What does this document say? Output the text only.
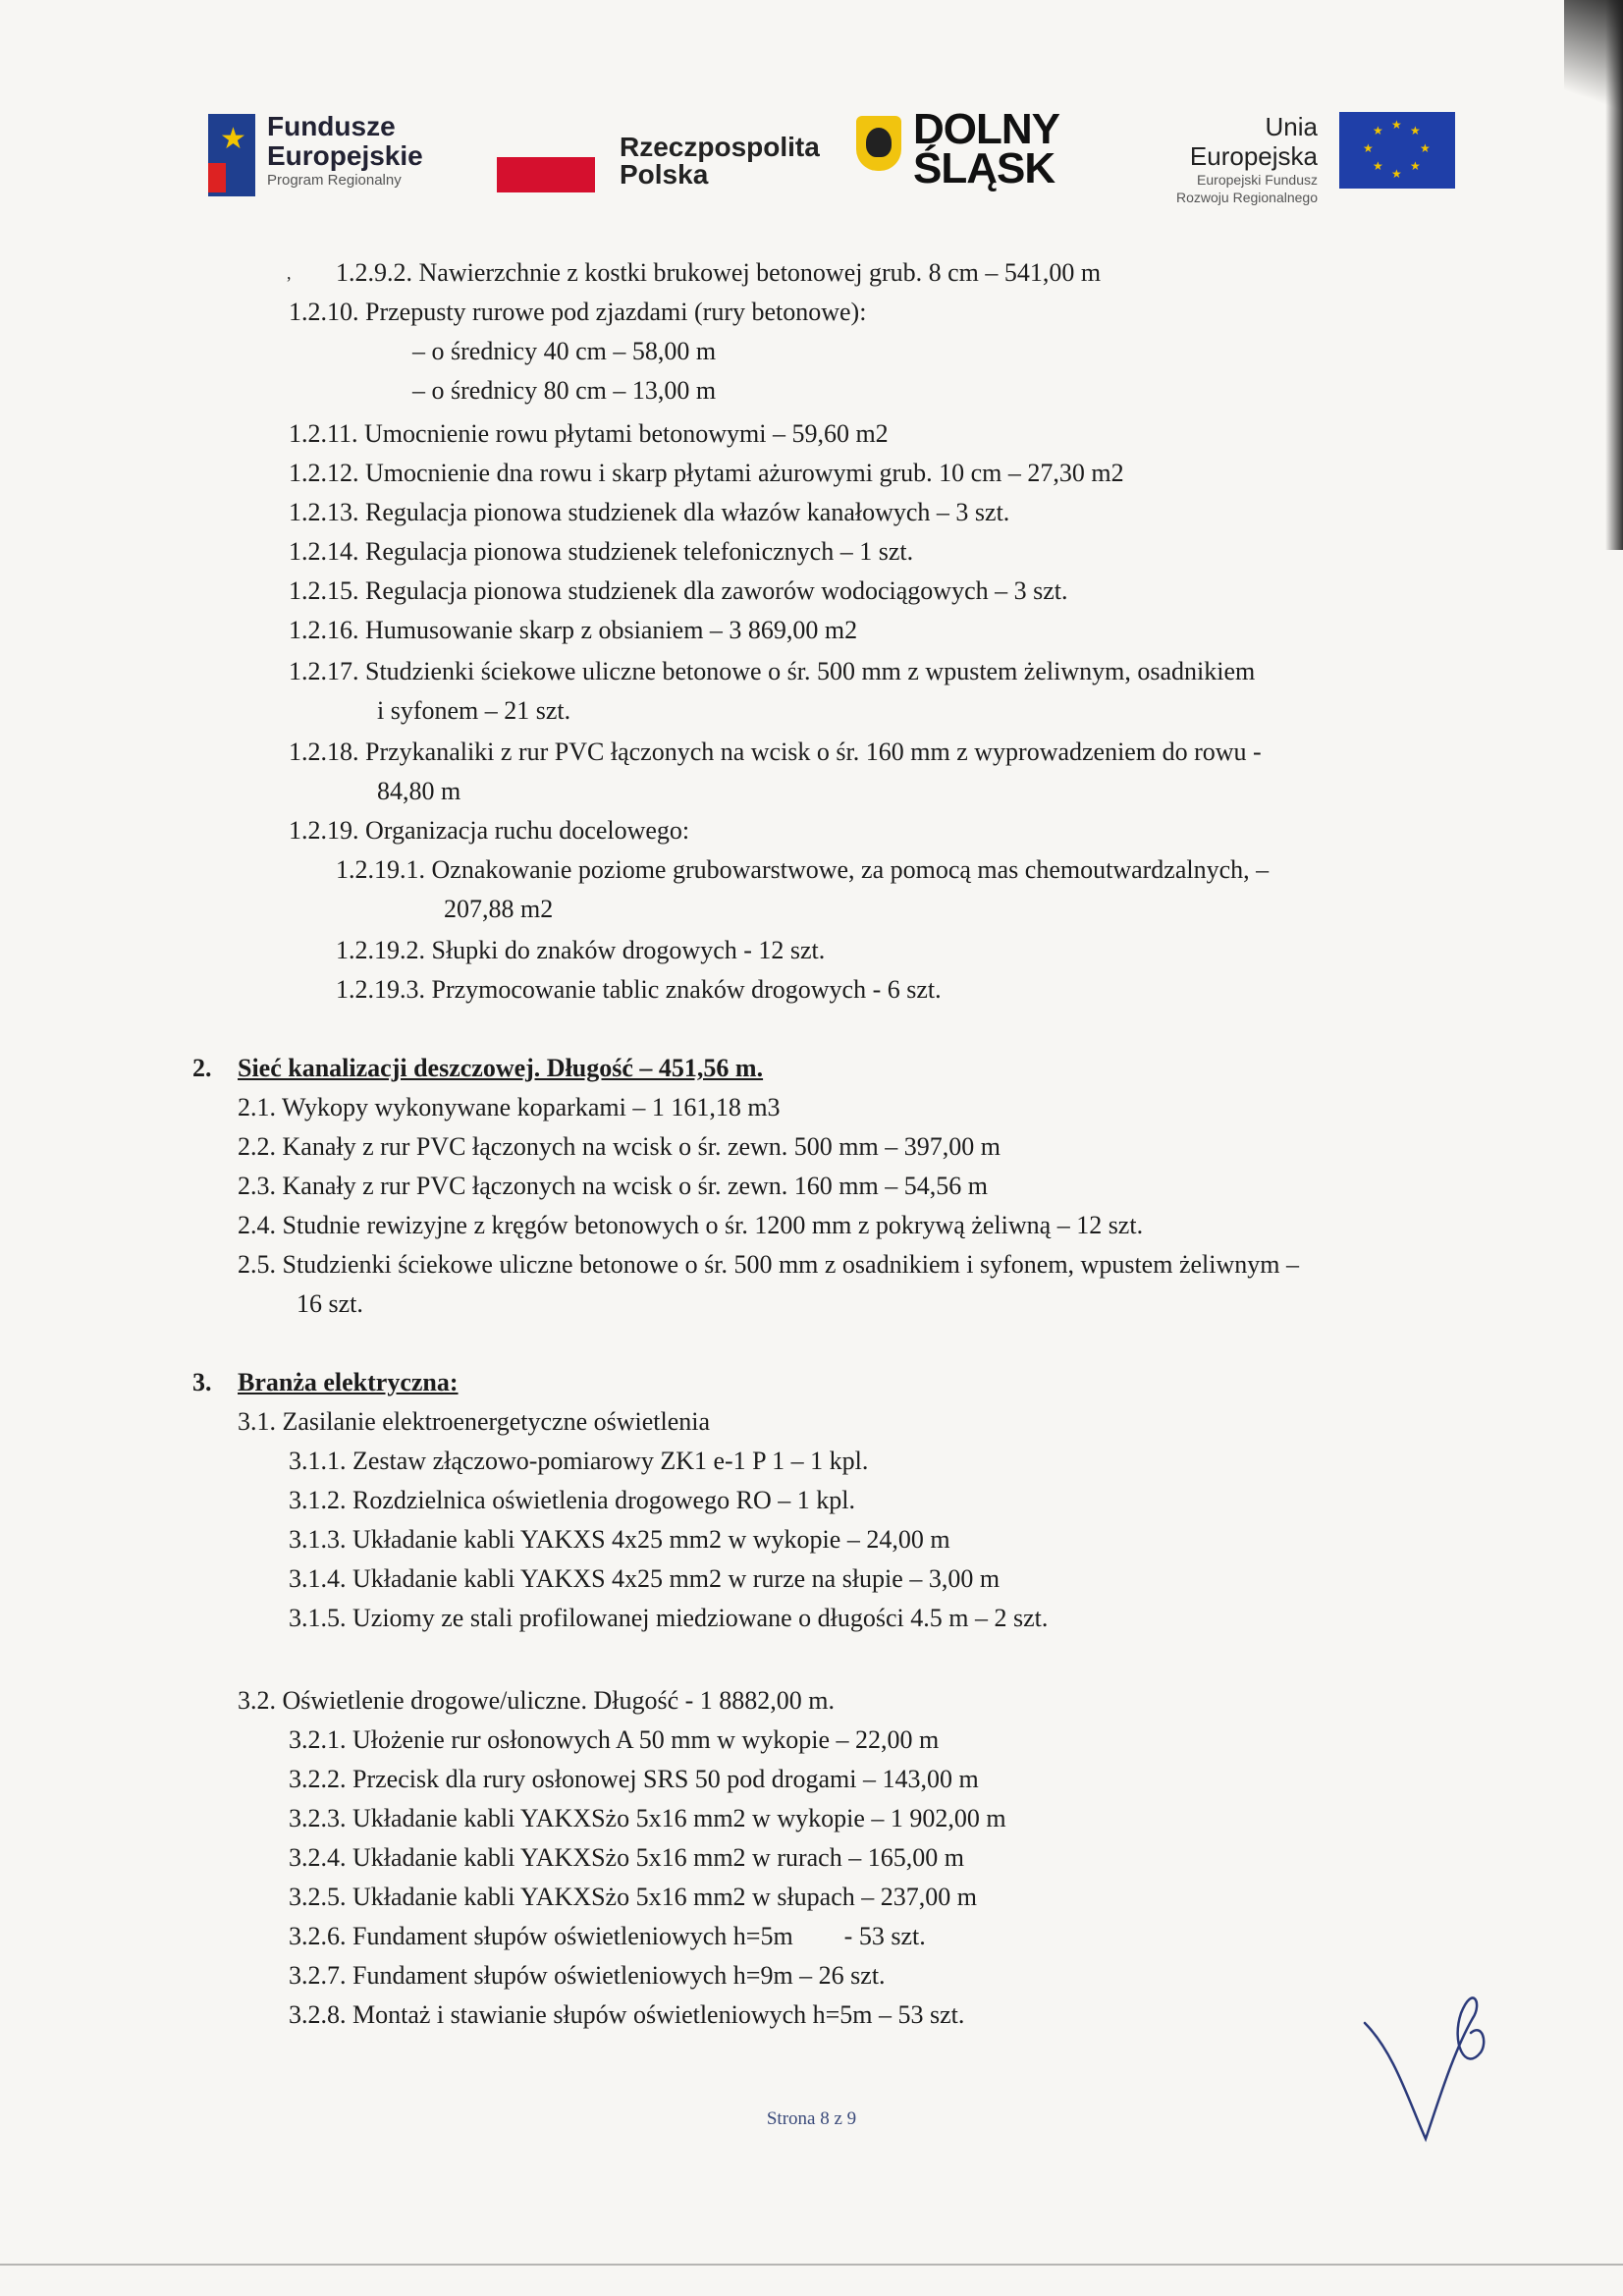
★ Fundusze
Europejskie
Program Regionalny
Rzeczpospolita
Polska
DOLNY
ŚLĄSK
Unia Europejska
Europejski Fundusz
Rozwoju Regionalnego
★ ★
★
★
★
★
★
★
, 1.2.9.2. Nawierzchnie z kostki brukowej betonowej grub. 8 cm – 541,00 m
1.2.10. Przepusty rurowe pod zjazdami (rury betonowe):
– o średnicy 40 cm – 58,00 m
– o średnicy 80 cm – 13,00 m
1.2.11. Umocnienie rowu płytami betonowymi – 59,60 m2
1.2.12. Umocnienie dna rowu i skarp płytami ażurowymi grub. 10 cm – 27,30 m2
1.2.13. Regulacja pionowa studzienek dla włazów kanałowych – 3 szt.
1.2.14. Regulacja pionowa studzienek telefonicznych – 1 szt.
1.2.15. Regulacja pionowa studzienek dla zaworów wodociągowych – 3 szt.
1.2.16. Humusowanie skarp z obsianiem – 3 869,00 m2
1.2.17. Studzienki ściekowe uliczne betonowe o śr. 500 mm z wpustem żeliwnym, osadnikiem
i syfonem – 21 szt.
1.2.18. Przykanaliki z rur PVC łączonych na wcisk o śr. 160 mm z wyprowadzeniem do rowu -
84,80 m
1.2.19. Organizacja ruchu docelowego:
1.2.19.1. Oznakowanie poziome grubowarstwowe, za pomocą mas chemoutwardzalnych, –
207,88 m2
1.2.19.2. Słupki do znaków drogowych - 12 szt.
1.2.19.3. Przymocowanie tablic znaków drogowych - 6 szt.
2. Sieć kanalizacji deszczowej. Długość – 451,56 m.
2.1. Wykopy wykonywane koparkami – 1 161,18 m3
2.2. Kanały z rur PVC łączonych na wcisk o śr. zewn. 500 mm – 397,00 m
2.3. Kanały z rur PVC łączonych na wcisk o śr. zewn. 160 mm – 54,56 m
2.4. Studnie rewizyjne z kręgów betonowych o śr. 1200 mm z pokrywą żeliwną – 12 szt.
2.5. Studzienki ściekowe uliczne betonowe o śr. 500 mm z osadnikiem i syfonem, wpustem żeliwnym –
16 szt.
3. Branża elektryczna:
3.1. Zasilanie elektroenergetyczne oświetlenia
3.1.1. Zestaw złączowo-pomiarowy ZK1 e-1 P 1 – 1 kpl.
3.1.2. Rozdzielnica oświetlenia drogowego RO – 1 kpl.
3.1.3. Układanie kabli YAKXS 4x25 mm2 w wykopie – 24,00 m
3.1.4. Układanie kabli YAKXS 4x25 mm2 w rurze na słupie – 3,00 m
3.1.5. Uziomy ze stali profilowanej miedziowane o długości 4.5 m – 2 szt.
3.2. Oświetlenie drogowe/uliczne. Długość - 1 8882,00 m.
3.2.1. Ułożenie rur osłonowych A 50 mm w wykopie – 22,00 m
3.2.2. Przecisk dla rury osłonowej SRS 50 pod drogami – 143,00 m
3.2.3. Układanie kabli YAKXSżo 5x16 mm2 w wykopie – 1 902,00 m
3.2.4. Układanie kabli YAKXSżo 5x16 mm2 w rurach – 165,00 m
3.2.5. Układanie kabli YAKXSżo 5x16 mm2 w słupach – 237,00 m
3.2.6. Fundament słupów oświetleniowych h=5m        - 53 szt.
3.2.7. Fundament słupów oświetleniowych h=9m – 26 szt.
3.2.8. Montaż i stawianie słupów oświetleniowych h=5m – 53 szt.
Strona 8 z 9
